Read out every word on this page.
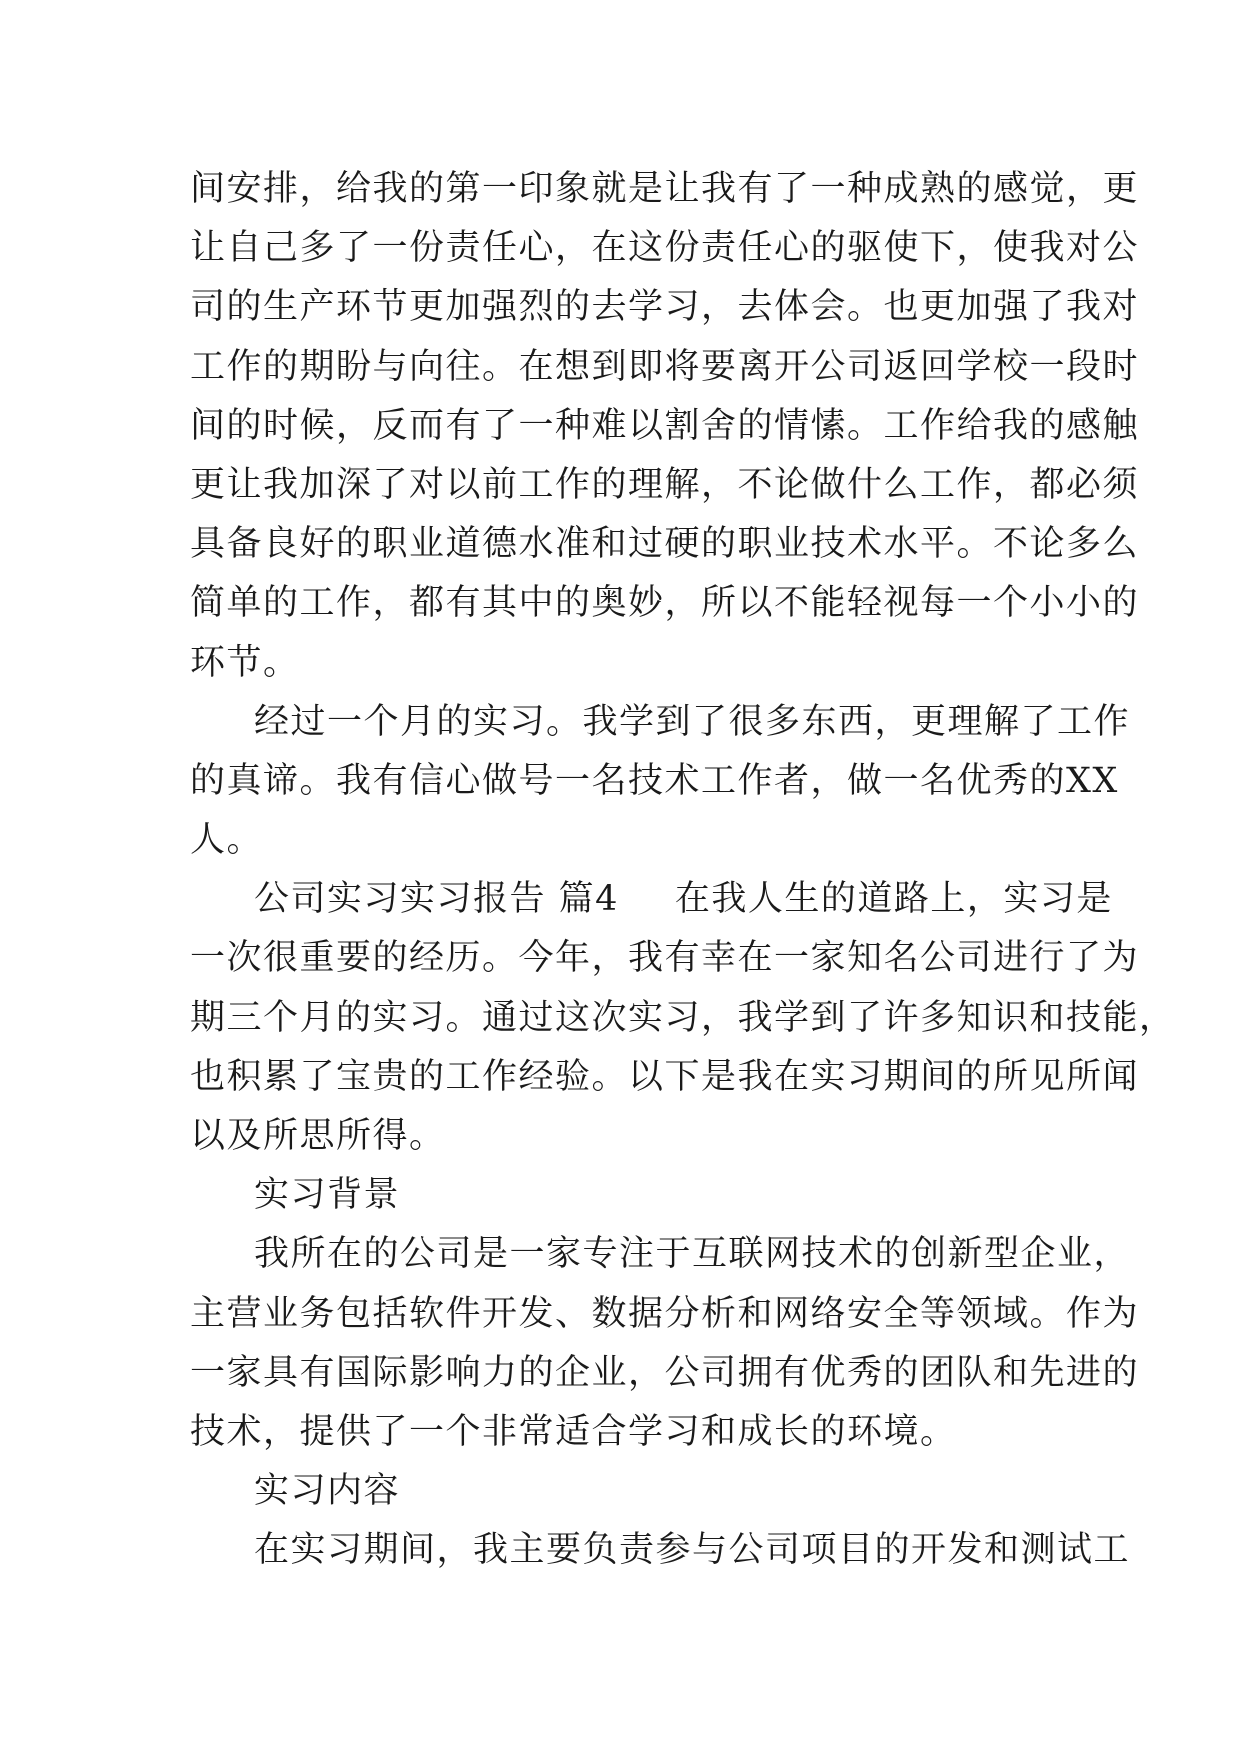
间安排，给我的第一印象就是让我有了一种成熟的感觉，更
让自己多了一份责任心，在这份责任心的驱使下，使我对公
司的生产环节更加强烈的去学习，去体会。也更加强了我对
工作的期盼与向往。在想到即将要离开公司返回学校一段时
间的时候，反而有了一种难以割舍的情愫。工作给我的感触
更让我加深了对以前工作的理解，不论做什么工作，都必须
具备良好的职业道德水准和过硬的职业技术水平。不论多么
简单的工作，都有其中的奥妙，所以不能轻视每一个小小的
环节。
经过一个月的实习。我学到了很多东西，更理解了工作
的真谛。我有信心做号一名技术工作者，做一名优秀的XX
人。
公司实习实习报告 篇4 在我人生的道路上，实习是
一次很重要的经历。今年，我有幸在一家知名公司进行了为
期三个月的实习。通过这次实习，我学到了许多知识和技能，
也积累了宝贵的工作经验。以下是我在实习期间的所见所闻
以及所思所得。
实习背景
我所在的公司是一家专注于互联网技术的创新型企业，
主营业务包括软件开发、数据分析和网络安全等领域。作为
一家具有国际影响力的企业，公司拥有优秀的团队和先进的
技术，提供了一个非常适合学习和成长的环境。
实习内容
在实习期间，我主要负责参与公司项目的开发和测试工
